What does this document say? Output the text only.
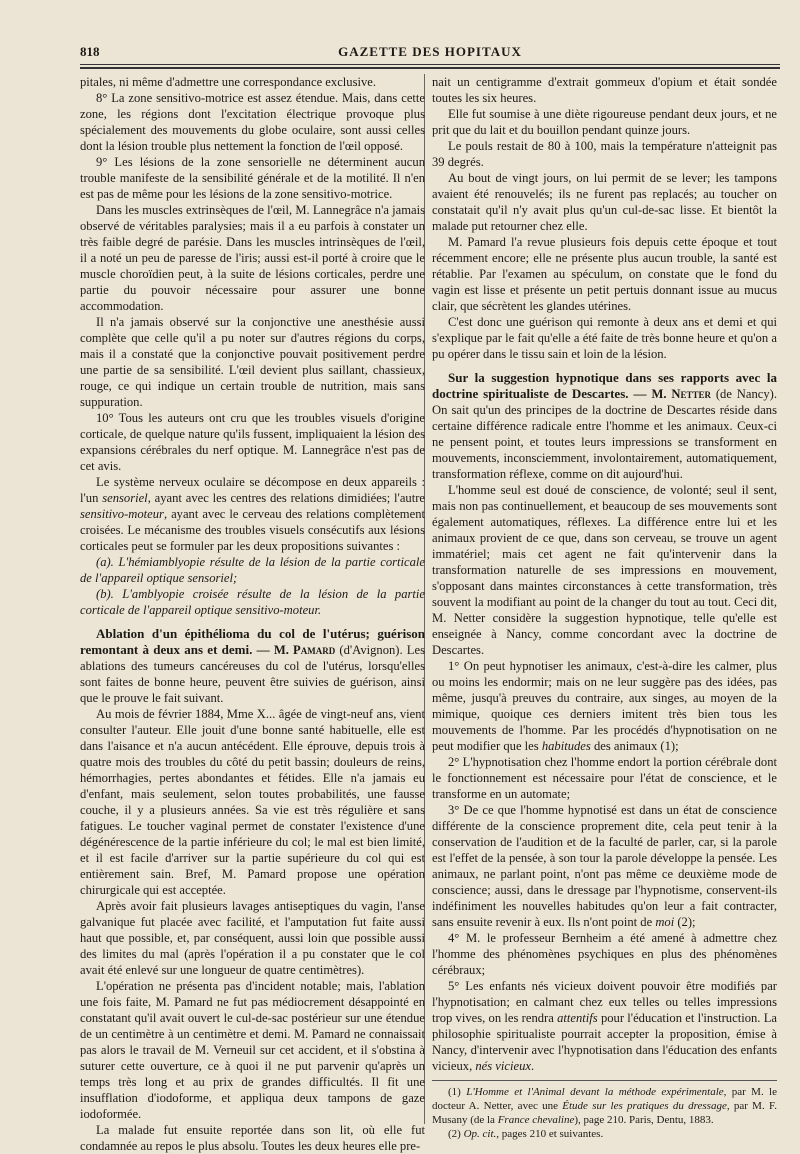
818	GAZETTE DES HOPITAUX

pitales, ni même d'admettre une correspondance exclusive.

8° La zone sensitivo-motrice est assez étendue. Mais, dans cette zone, les régions dont l'excitation électrique provoque plus spécialement des mouvements du globe oculaire, sont aussi celles dont la lésion trouble plus nettement la fonction de l'œil opposé.

9° Les lésions de la zone sensorielle ne déterminent aucun trouble manifeste de la sensibilité générale et de la motilité. Il n'en est pas de même pour les lésions de la zone sensitivo-motrice.

Dans les muscles extrinsèques de l'œil, M. Lannegrâce n'a jamais observé de véritables paralysies; mais il a eu parfois à constater un très faible degré de parésie. Dans les muscles intrinsèques de l'œil, il a noté un peu de paresse de l'iris; aussi est-il porté à croire que le muscle choroïdien peut, à la suite de lésions corticales, perdre une partie du pouvoir nécessaire pour assurer une bonne accommodation.

Il n'a jamais observé sur la conjonctive une anesthésie aussi complète que celle qu'il a pu noter sur d'autres régions du corps, mais il a constaté que la conjonctive pouvait positivement perdre une partie de sa sensibilité. L'œil devient plus saillant, chassieux, rouge, ce qui indique un certain trouble de nutrition, mais sans suppuration.

10° Tous les auteurs ont cru que les troubles visuels d'origine corticale, de quelque nature qu'ils fussent, impliquaient la lésion des expansions cérébrales du nerf optique. M. Lannegrâce n'est pas de cet avis.

Le système nerveux oculaire se décompose en deux appareils : l'un sensoriel, ayant avec les centres des relations dimidiées; l'autre sensitivo-moteur, ayant avec le cerveau des relations complètement croisées. Le mécanisme des troubles visuels consécutifs aux lésions corticales peut se formuler par les deux propositions suivantes :

(a). L'hémiamblyopie résulte de la lésion de la partie corticale de l'appareil optique sensoriel;

(b). L'amblyopie croisée résulte de la lésion de la partie corticale de l'appareil optique sensitivo-moteur.

Ablation d'un épithélioma du col de l'utérus; guérison remontant à deux ans et demi. — M. Pamard (d'Avignon). Les ablations des tumeurs cancéreuses du col de l'utérus, lorsqu'elles sont faites de bonne heure, peuvent être suivies de guérison, ainsi que le prouve le fait suivant.

Au mois de février 1884, Mme X... âgée de vingt-neuf ans, vient consulter l'auteur. Elle jouit d'une bonne santé habituelle, elle est dans l'aisance et n'a aucun antécédent. Elle éprouve, depuis trois à quatre mois des troubles du côté du petit bassin; douleurs de reins, hémorrhagies, pertes abondantes et fétides. Elle n'a jamais eu d'enfant, mais seulement, selon toutes probabilités, une fausse couche, il y a plusieurs années. Sa vie est très régulière et sans fatigues. Le toucher vaginal permet de constater l'existence d'une dégénérescence de la partie inférieure du col; le mal est bien limité, et il est facile d'arriver sur la partie supérieure du col qui est entièrement sain. Bref, M. Pamard propose une opération chirurgicale qui est acceptée.

Après avoir fait plusieurs lavages antiseptiques du vagin, l'anse galvanique fut placée avec facilité, et l'amputation fut faite aussi haut que possible, et, par conséquent, aussi loin que possible aussi des limites du mal (après l'opération il a pu constater que le col avait été enlevé sur une longueur de quatre centimètres).

L'opération ne présenta pas d'incident notable; mais, l'ablation une fois faite, M. Pamard ne fut pas médiocrement désappointé en constatant qu'il avait ouvert le cul-de-sac postérieur sur une étendue de un centimètre à un centimètre et demi. M. Pamard ne connaissait pas alors le travail de M. Verneuil sur cet accident, et il s'obstina à suturer cette ouverture, ce à quoi il ne put parvenir qu'après un temps très long et au prix de grandes difficultés. Il fit une insufflation d'iodoforme, et appliqua deux tampons de gaze iodoformée.

La malade fut ensuite reportée dans son lit, où elle fut condamnée au repos le plus absolu. Toutes les deux heures elle pre-

nait un centigramme d'extrait gommeux d'opium et était sondée toutes les six heures.

Elle fut soumise à une diète rigoureuse pendant deux jours, et ne prit que du lait et du bouillon pendant quinze jours.

Le pouls restait de 80 à 100, mais la température n'atteignit pas 39 degrés.

Au bout de vingt jours, on lui permit de se lever; les tampons avaient été renouvelés; ils ne furent pas replacés; au toucher on constatait qu'il n'y avait plus qu'un cul-de-sac lisse. Et bientôt la malade put retourner chez elle.

M. Pamard l'a revue plusieurs fois depuis cette époque et tout récemment encore; elle ne présente plus aucun trouble, la santé est rétablie. Par l'examen au spéculum, on constate que le fond du vagin est lisse et présente un petit pertuis donnant issue au mucus clair, que sécrètent les glandes utérines.

C'est donc une guérison qui remonte à deux ans et demi et qui s'explique par le fait qu'elle a été faite de très bonne heure et qu'on a pu opérer dans le tissu sain et loin de la lésion.

Sur la suggestion hypnotique dans ses rapports avec la doctrine spiritualiste de Descartes. — M. Netter (de Nancy). On sait qu'un des principes de la doctrine de Descartes réside dans certaine différence radicale entre l'homme et les animaux. Ceux-ci ne pensent point, et toutes leurs impressions se transforment en mouvements, inconsciemment, involontairement, automatiquement, transformation réflexe, comme on dit aujourd'hui.

L'homme seul est doué de conscience, de volonté; seul il sent, mais non pas continuellement, et beaucoup de ses mouvements sont également automatiques, réflexes. La différence entre lui et les animaux provient de ce que, dans son cerveau, se trouve un agent immatériel; mais cet agent ne fait qu'intervenir dans la transformation naturelle de ses impressions en mouvement, s'opposant dans maintes circonstances à cette transformation, très souvent la modifiant au point de la changer du tout au tout. Ceci dit, M. Netter considère la suggestion hypnotique, telle qu'elle est enseignée à Nancy, comme concordant avec la doctrine de Descartes.

1° On peut hypnotiser les animaux, c'est-à-dire les calmer, plus ou moins les endormir; mais on ne leur suggère pas des idées, pas même, jusqu'à preuves du contraire, aux singes, au moyen de la mimique, quoique ces derniers imitent très bien tous les mouvements de l'homme. Par les procédés d'hypnotisation on ne peut modifier que les habitudes des animaux (1);

2° L'hypnotisation chez l'homme endort la portion cérébrale dont le fonctionnement est nécessaire pour l'état de conscience, et le transforme en un automate;

3° De ce que l'homme hypnotisé est dans un état de conscience différente de la conscience proprement dite, cela peut tenir à la conservation de l'audition et de la faculté de parler, car, si la parole est l'effet de la pensée, à son tour la parole développe la pensée. Les animaux, ne parlant point, n'ont pas même ce deuxième mode de conscience; aussi, dans le dressage par l'hypnotisme, conservent-ils indéfiniment les nouvelles habitudes qu'on leur a fait contracter, sans ensuite revenir à eux. Ils n'ont point de moi (2);

4° M. le professeur Bernheim a été amené à admettre chez l'homme des phénomènes psychiques en plus des phénomènes cérébraux;

5° Les enfants nés vicieux doivent pouvoir être modifiés par l'hypnotisation; en calmant chez eux telles ou telles impressions trop vives, on les rendra attentifs pour l'éducation et l'instruction. La philosophie spiritualiste pourrait accepter la proposition, émise à Nancy, d'intervenir avec l'hypnotisation dans l'éducation des enfants vicieux, nés vicieux.

(1) L'Homme et l'Animal devant la méthode expérimentale, par M. le docteur A. Netter, avec une Étude sur les pratiques du dressage, par M. F. Musany (de la France chevaline), page 210. Paris, Dentu, 1883.

(2) Op. cit., pages 210 et suivantes.
